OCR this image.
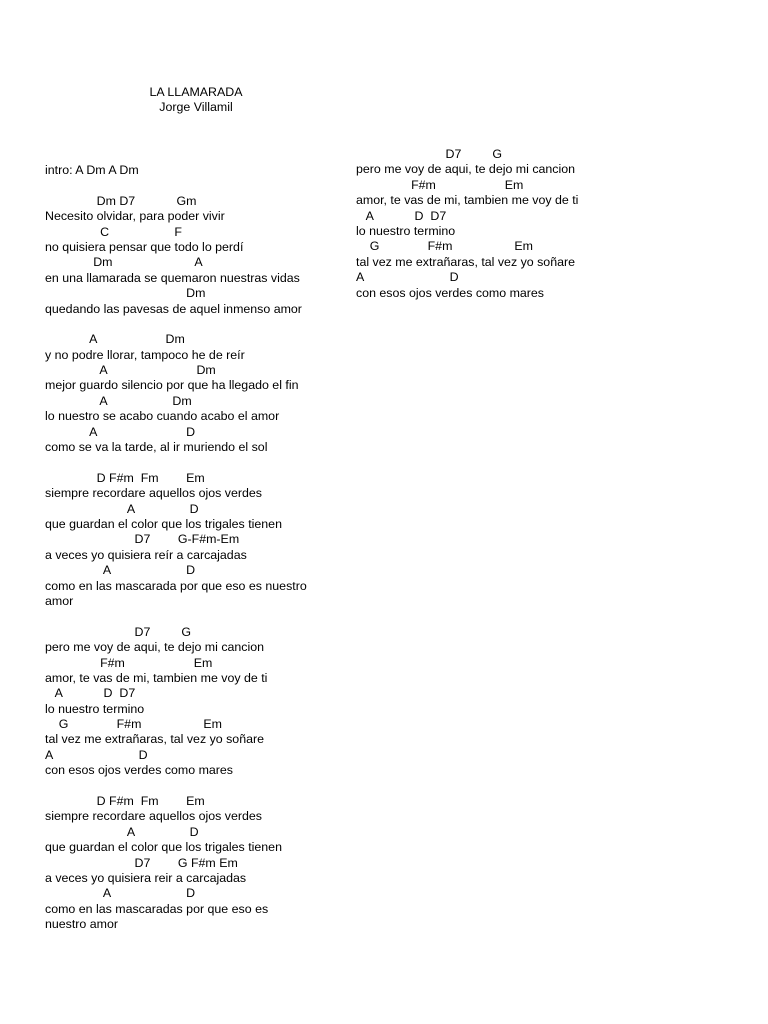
LA LLAMARADA
Jorge Villamil
intro: A Dm A Dm
Dm D7            Gm
Necesito olvidar, para poder vivir
C                   F
no quisiera pensar que todo lo perdí
Dm                        A
en una llamarada se quemaron nuestras vidas
Dm
quedando las pavesas de aquel inmenso amor
A                    Dm
y no podre llorar, tampoco he de reír
A                          Dm
mejor guardo silencio por que ha llegado el fin
A                   Dm
lo nuestro se acabo cuando acabo el amor
A                          D
como se va la tarde, al ir muriendo el sol
D F#m  Fm        Em
siempre recordare aquellos ojos verdes
A                D
que guardan el color que los trigales tienen
D7        G-F#m-Em
a veces yo quisiera reír a carcajadas
A                      D
como en las mascarada por que eso es nuestro
amor
D7         G
pero me voy de aqui, te dejo mi cancion
F#m                    Em
amor, te vas de mi, tambien me voy de ti
A            D  D7
lo nuestro termino
G              F#m                  Em
tal vez me extrañaras, tal vez yo soñare
A                         D
con esos ojos verdes como mares
D F#m  Fm        Em
siempre recordare aquellos ojos verdes
A                D
que guardan el color que los trigales tienen
D7        G F#m Em
a veces yo quisiera reir a carcajadas
A                      D
como en las mascaradas por que eso es
nuestro amor
D7         G
pero me voy de aqui, te dejo mi cancion
F#m                    Em
amor, te vas de mi, tambien me voy de ti
A            D  D7
lo nuestro termino
G              F#m                  Em
tal vez me extrañaras, tal vez yo soñare
A                         D
con esos ojos verdes como mares
